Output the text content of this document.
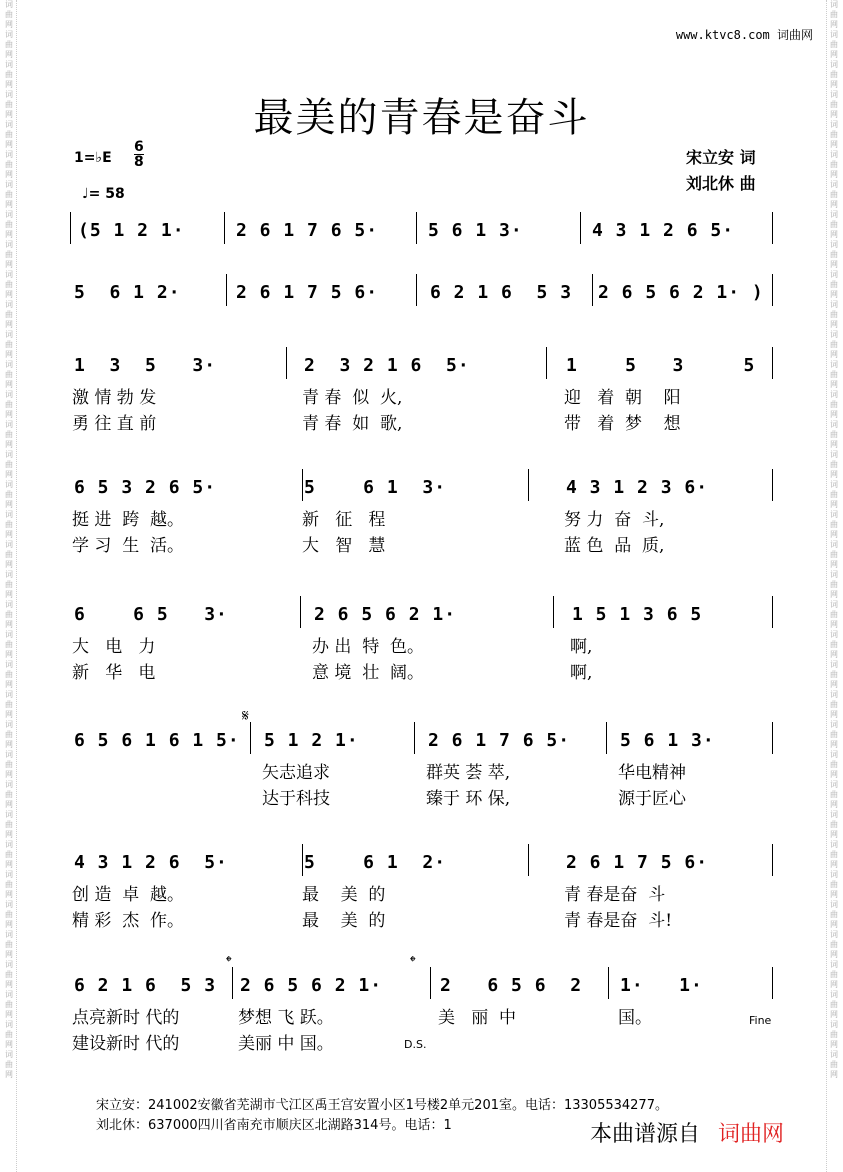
词曲网词曲网词曲网词曲网词曲网词曲网词曲网词曲网词曲网词曲网词曲网词曲网词曲网词曲网词曲网词曲网词曲网词曲网词曲网词曲网词曲网词曲网词曲网词曲网词曲网词曲网词曲网词曲网词曲网词曲网词曲网词曲网词曲网词曲网词曲网词曲网
词曲网词曲网词曲网词曲网词曲网词曲网词曲网词曲网词曲网词曲网词曲网词曲网词曲网词曲网词曲网词曲网词曲网词曲网词曲网词曲网词曲网词曲网词曲网词曲网词曲网词曲网词曲网词曲网词曲网词曲网词曲网词曲网词曲网词曲网词曲网词曲网
www.ktvc8.com 词曲网
最美的青春是奋斗
1=♭E
6
8
♩= 58
宋立安 词
刘北休 曲
(5 1 2 1·	2 6 1 7 6 5·	5 6 1 3·	4 3 1 2 6 5·
5  6 1 2·	2 6 1 7 5 6·	6 2 1 6  5 3 2 6 5 6 2 1· )
1  3  5   3·
激 情 勃 发
勇 往 直 前
2  3 2 1 6  5·
青 春  似  火,
青 春  如  歌,
1    5   3     5
迎   着  朝    阳
带   着  梦    想
6 5 3 2 6 5·
挺 进  跨  越。
学 习  生  活。
5    6 1  3·
新   征   程
大   智   慧
4 3 1 2 3 6·
努 力  奋  斗,
蓝 色  品  质,
6    6 5   3·
大   电   力
新   华   电
2 6 5 6 2 1·
办 出  特  色。
意 境  壮  阔。
1 5 1 3 6 5
啊,
啊,
6 5 6 1 6 1 5· 5 1 2 1·
矢志追求
达于科技
2 6 1 7 6 5·
群英 荟 萃,
臻于 环 保,
5 6 1 3·
华电精神
源于匠心
4 3 1 2 6  5·
创 造  卓  越。
精 彩  杰  作。
5    6 1  2·
最    美  的
最    美  的
2 6 1 7 5 6·
青 春是奋  斗
青 春是奋  斗!
6 2 1 6  5 3
点亮新时 代的
建设新时 代的
2 6 5 6 2 1·
梦想 飞 跃。
美丽 中 国。
2   6 5 6  2
美   丽  中
1·   1·
国。
𝄋
𝄌	𝄌
D.S.
Fine
宋立安：241002安徽省芜湖市弋江区禹王宫安置小区1号楼2单元201室。电话：13305534277。
刘北休：637000四川省南充市顺庆区北湖路314号。电话：1	本曲谱源自 词曲网
